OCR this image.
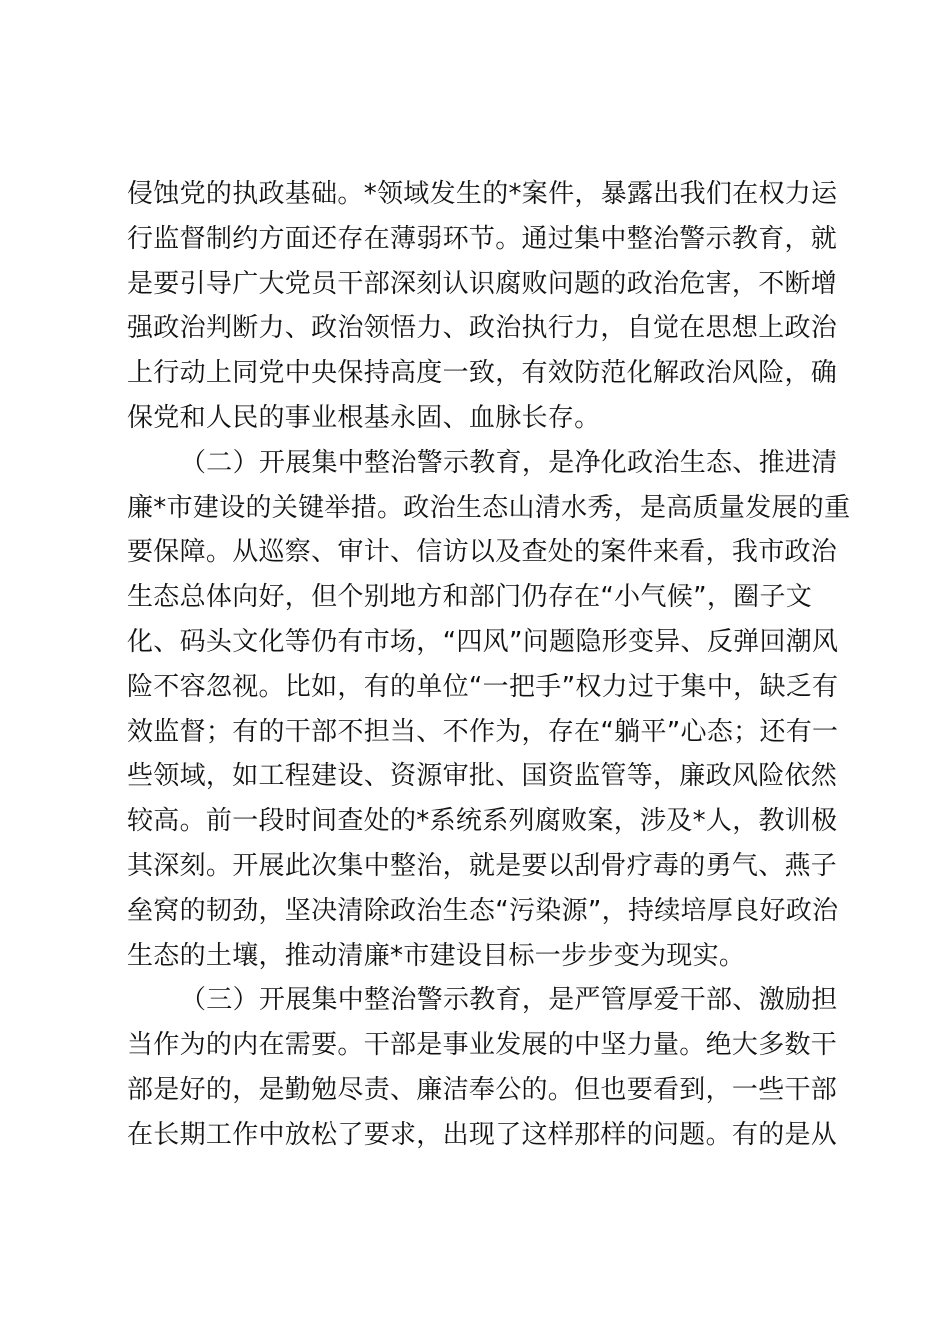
侵蚀党的执政基础。*领域发生的*案件，暴露出我们在权力运
行监督制约方面还存在薄弱环节。通过集中整治警示教育，就
是要引导广大党员干部深刻认识腐败问题的政治危害，不断增
强政治判断力、政治领悟力、政治执行力，自觉在思想上政治
上行动上同党中央保持高度一致，有效防范化解政治风险，确
保党和人民的事业根基永固、血脉长存。
（二）开展集中整治警示教育，是净化政治生态、推进清
廉*市建设的关键举措。政治生态山清水秀，是高质量发展的重
要保障。从巡察、审计、信访以及查处的案件来看，我市政治
生态总体向好，但个别地方和部门仍存在“小气候”，圈子文
化、码头文化等仍有市场，“四风”问题隐形变异、反弹回潮风
险不容忽视。比如，有的单位“一把手”权力过于集中，缺乏有
效监督；有的干部不担当、不作为，存在“躺平”心态；还有一
些领域，如工程建设、资源审批、国资监管等，廉政风险依然
较高。前一段时间查处的*系统系列腐败案，涉及*人，教训极
其深刻。开展此次集中整治，就是要以刮骨疗毒的勇气、燕子
垒窝的韧劲，坚决清除政治生态“污染源”，持续培厚良好政治
生态的土壤，推动清廉*市建设目标一步步变为现实。
（三）开展集中整治警示教育，是严管厚爱干部、激励担
当作为的内在需要。干部是事业发展的中坚力量。绝大多数干
部是好的，是勤勉尽责、廉洁奉公的。但也要看到，一些干部
在长期工作中放松了要求，出现了这样那样的问题。有的是从
